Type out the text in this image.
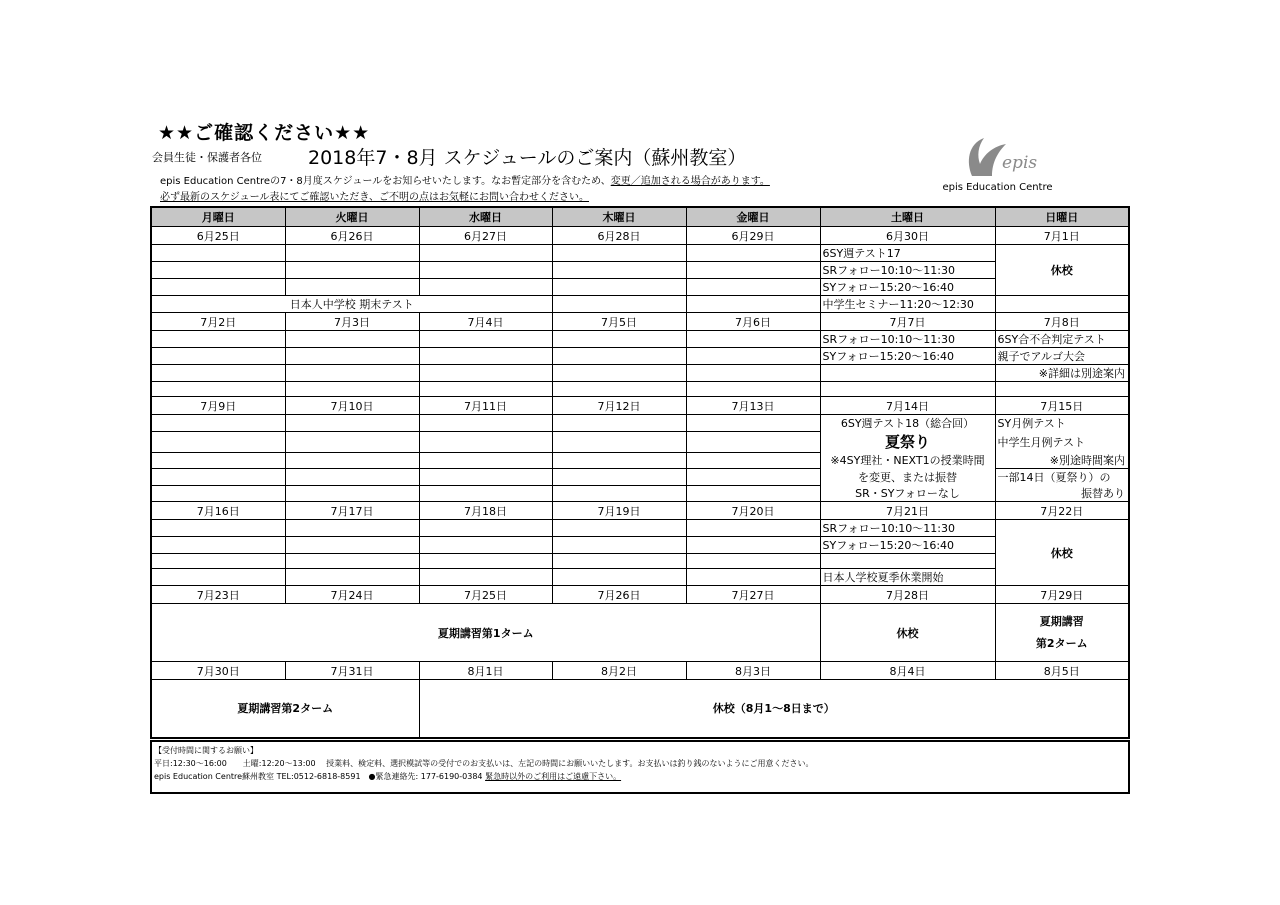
★★ご確認ください★★
会員生徒・保護者各位 2018年7・8月 スケジュールのご案内（蘇州教室）
epis Education Centreの7・8月度スケジュールをお知らせいたします。なお暫定部分を含むため、変更／追加される場合があります。
必ず最新のスケジュール表にてご確認いただき、ご不明の点はお気軽にお問い合わせください。
epis
epis Education Centre
月曜日	火曜日	水曜日	木曜日	金曜日	土曜日	日曜日
6月25日	6月26日	6月27日	6月28日	6月29日	6月30日	7月1日
					6SY週テスト17	休校
					SRフォロー10:10〜11:30	
					SYフォロー15:20〜16:40	
日本人中学校 期末テスト					中学生セミナー11:20〜12:30	
7月2日	7月3日	7月4日	7月5日	7月6日	7月7日	7月8日
					SRフォロー10:10〜11:30	6SY合不合判定テスト
					SYフォロー15:20〜16:40	親子でアルゴ大会
						※詳細は別途案内

7月9日	7月10日	7月11日	7月12日	7月13日	7月14日	7月15日
					6SY週テスト18（総合回）	SY月例テスト
					夏祭り	中学生月例テスト
					※4SY理社・NEXT1の授業時間	※別途時間案内
					を変更、または振替	一部14日（夏祭り）の
					SR・SYフォローなし	振替あり
7月16日	7月17日	7月18日	7月19日	7月20日	7月21日	7月22日
					SRフォロー10:10〜11:30	休校
					SYフォロー15:20〜16:40	

					日本人学校夏季休業開始	
7月23日	7月24日	7月25日	7月26日	7月27日	7月28日	7月29日
夏期講習第1ターム					休校	夏期講習
第2ターム

7月30日	7月31日	8月1日	8月2日	8月3日	8月4日	8月5日
夏期講習第2ターム		休校（8月1〜8日まで）				
【受付時間に関するお願い】
平日:12:30〜16:00　　土曜:12:20〜13:00　 授業料、検定料、選択模試等の受付でのお支払いは、左記の時間にお願いいたします。お支払いは釣り銭のないようにご用意ください。
epis Education Centre蘇州教室 TEL:0512-6818-8591　●緊急連絡先: 177-6190-0384 緊急時以外のご利用はご遠慮下さい。
